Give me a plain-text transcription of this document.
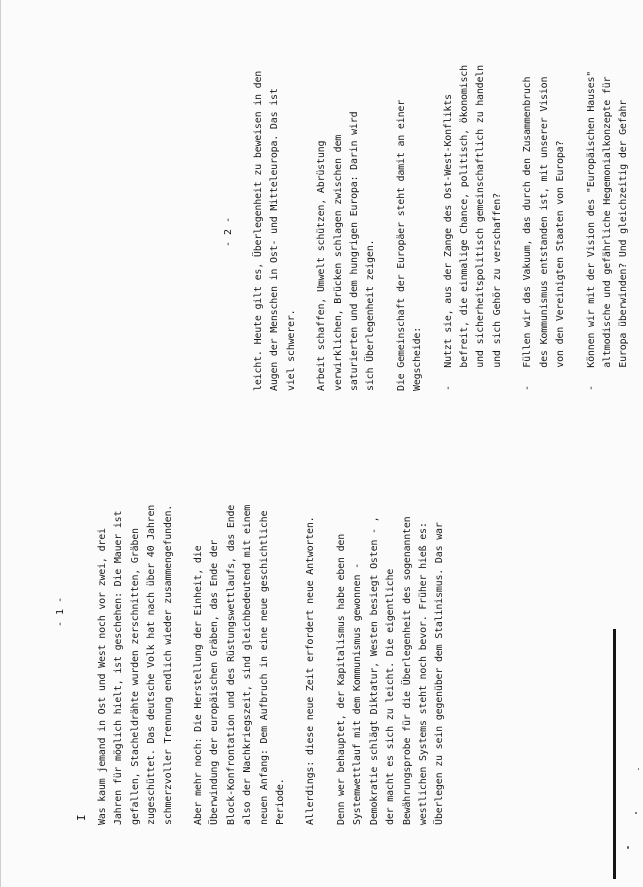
- 1 -
I Was kaum jemand in Ost und West noch vor zwei, drei Jahren für möglich hielt, ist geschehen: Die Mauer ist gefallen, Stacheldrähte wurden zerschnitten, Gräben zugeschüttet. Das deutsche Volk hat nach über 40 Jahren schmerzvoller Trennung endlich wieder zusammengefunden.	Aber mehr noch: Die Herstellung der Einheit, die Überwindung der europäischen Gräben, das Ende der Block-Konfrontation und des Rüstungswettlaufs, das Ende also der Nachkriegszeit, sind gleichbedeutend mit einem neuen Anfang: Dem Aufbruch in eine neue geschichtliche Periode.	Allerdings: diese neue Zeit erfordert neue Antworten.	Denn wer behauptet, der Kapitalismus habe eben den Systemwettlauf mit dem Kommunismus gewonnen - Demokratie schlägt Diktatur, Westen besiegt Osten - , der macht es sich zu leicht. Die eigentliche Bewährungsprobe für die Überlegenheit des sogenannten westlichen Systems steht noch bevor. Früher hieß es: Überlegen zu sein gegenüber dem Stalinismus. Das war

- 2 - leicht. Heute gilt es, Überlegenheit zu beweisen in den Augen der Menschen in Ost- und Mitteleuropa. Das ist viel schwerer.	Arbeit schaffen, Umwelt schützen, Abrüstung verwirklichen, Brücken schlagen zwischen dem saturierten und dem hungrigen Europa: Darin wird sich Überlegenheit zeigen.	Die Gemeinschaft der Europäer steht damit an einer Wegscheide:	-   Nutzt sie, aus der Zange des Ost-West-Konflikts befreit, die einmalige Chance, politisch, ökonomisch und sicherheitspolitisch gemeinschaftlich zu handeln und sich Gehör zu verschaffen?	-   Füllen wir das Vakuum, das durch den Zusammenbruch des Kommunismus entstanden ist, mit unserer Vision von den Vereinigten Staaten von Europa?	-   Können wir mit der Vision des "Europäischen Hauses" altmodische und gefährliche Hegemonialkonzepte für Europa überwinden? Und gleichzeitig der Gefahr
